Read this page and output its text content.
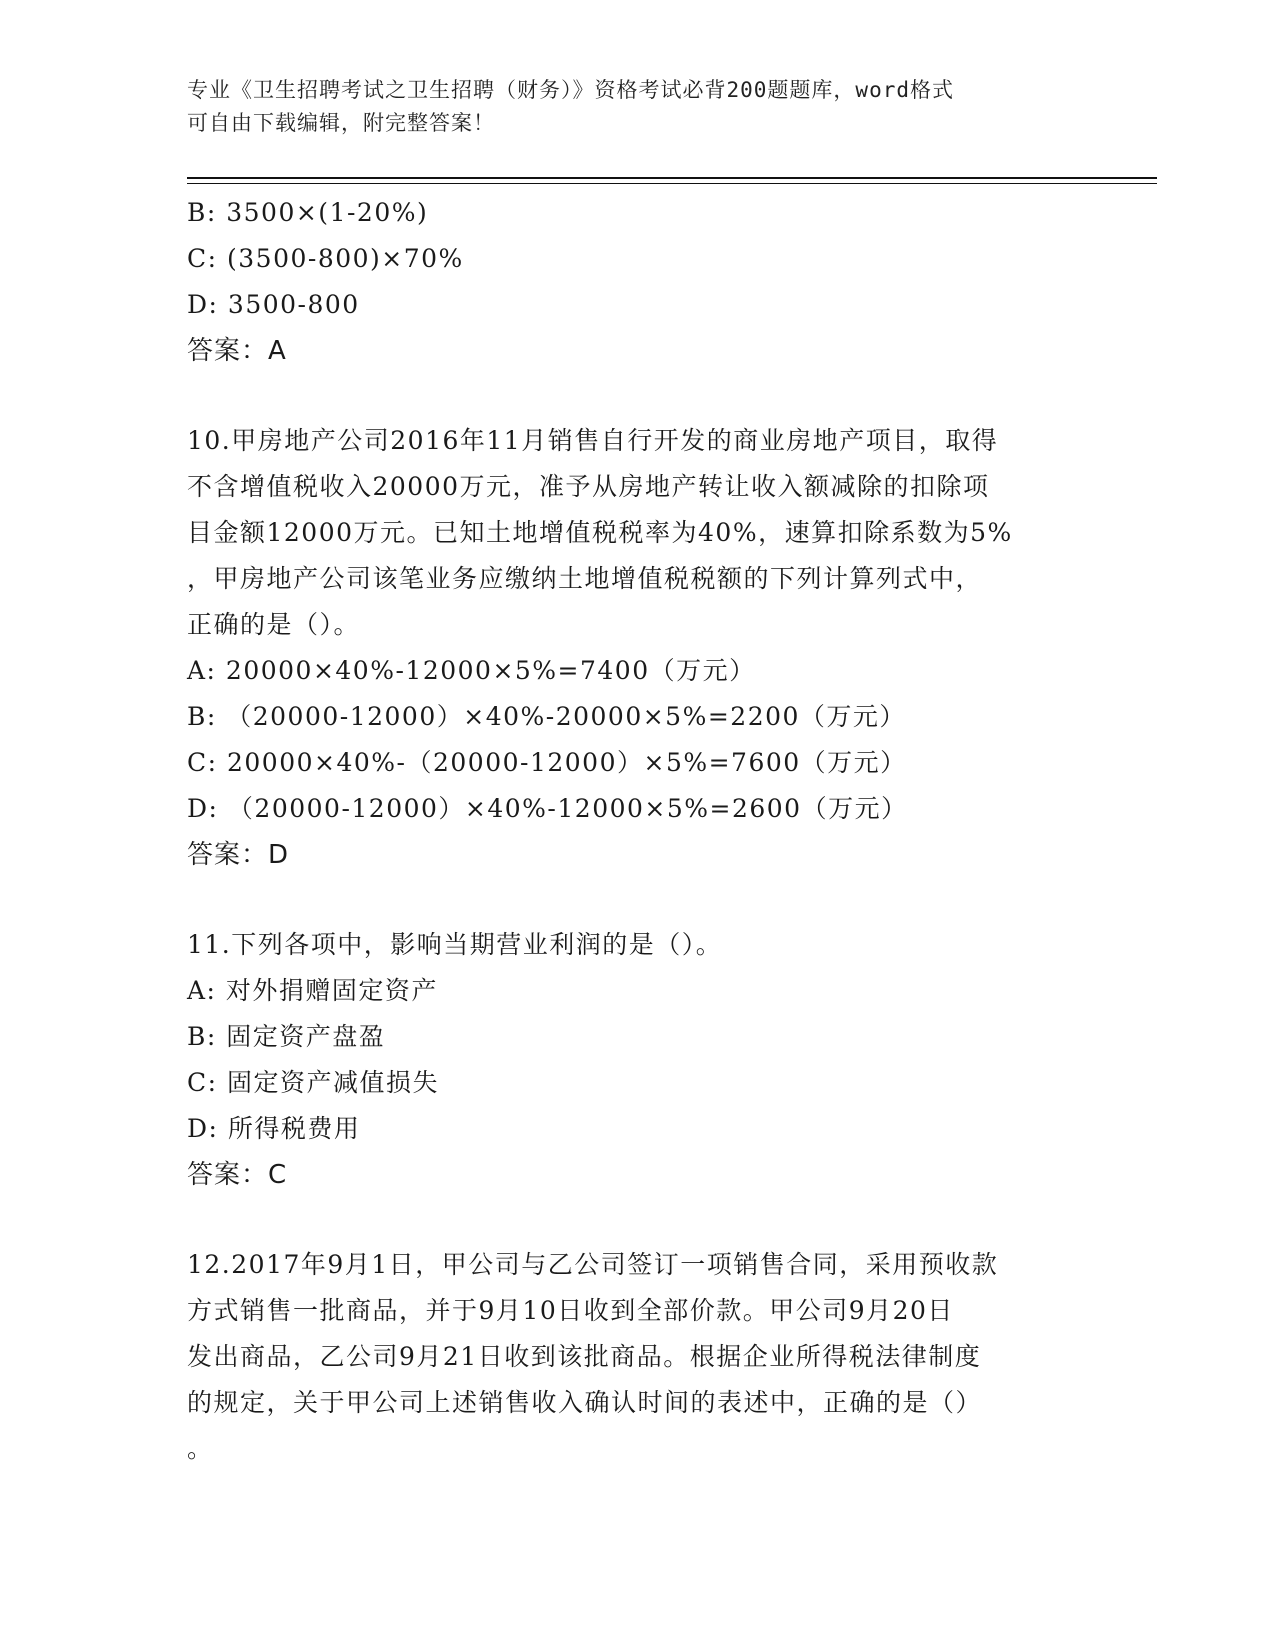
专业《卫生招聘考试之卫生招聘（财务）》资格考试必背200题题库，word格式
可自由下载编辑，附完整答案！
B: 3500×(1-20%)
C: (3500-800)×70%
D: 3500-800
答案：A
10.甲房地产公司2016年11月销售自行开发的商业房地产项目，取得
不含增值税收入20000万元，准予从房地产转让收入额减除的扣除项
目金额12000万元。已知土地增值税税率为40%，速算扣除系数为5%
，甲房地产公司该笔业务应缴纳土地增值税税额的下列计算列式中，
正确的是（）。
A: 20000×40%-12000×5%=7400（万元）
B: （20000-12000）×40%-20000×5%=2200（万元）
C: 20000×40%-（20000-12000）×5%=7600（万元）
D: （20000-12000）×40%-12000×5%=2600（万元）
答案：D
11.下列各项中，影响当期营业利润的是（）。
A: 对外捐赠固定资产
B: 固定资产盘盈
C: 固定资产减值损失
D: 所得税费用
答案：C
12.2017年9月1日，甲公司与乙公司签订一项销售合同，采用预收款
方式销售一批商品，并于9月10日收到全部价款。甲公司9月20日
发出商品，乙公司9月21日收到该批商品。根据企业所得税法律制度
的规定，关于甲公司上述销售收入确认时间的表述中，正确的是（）
。
